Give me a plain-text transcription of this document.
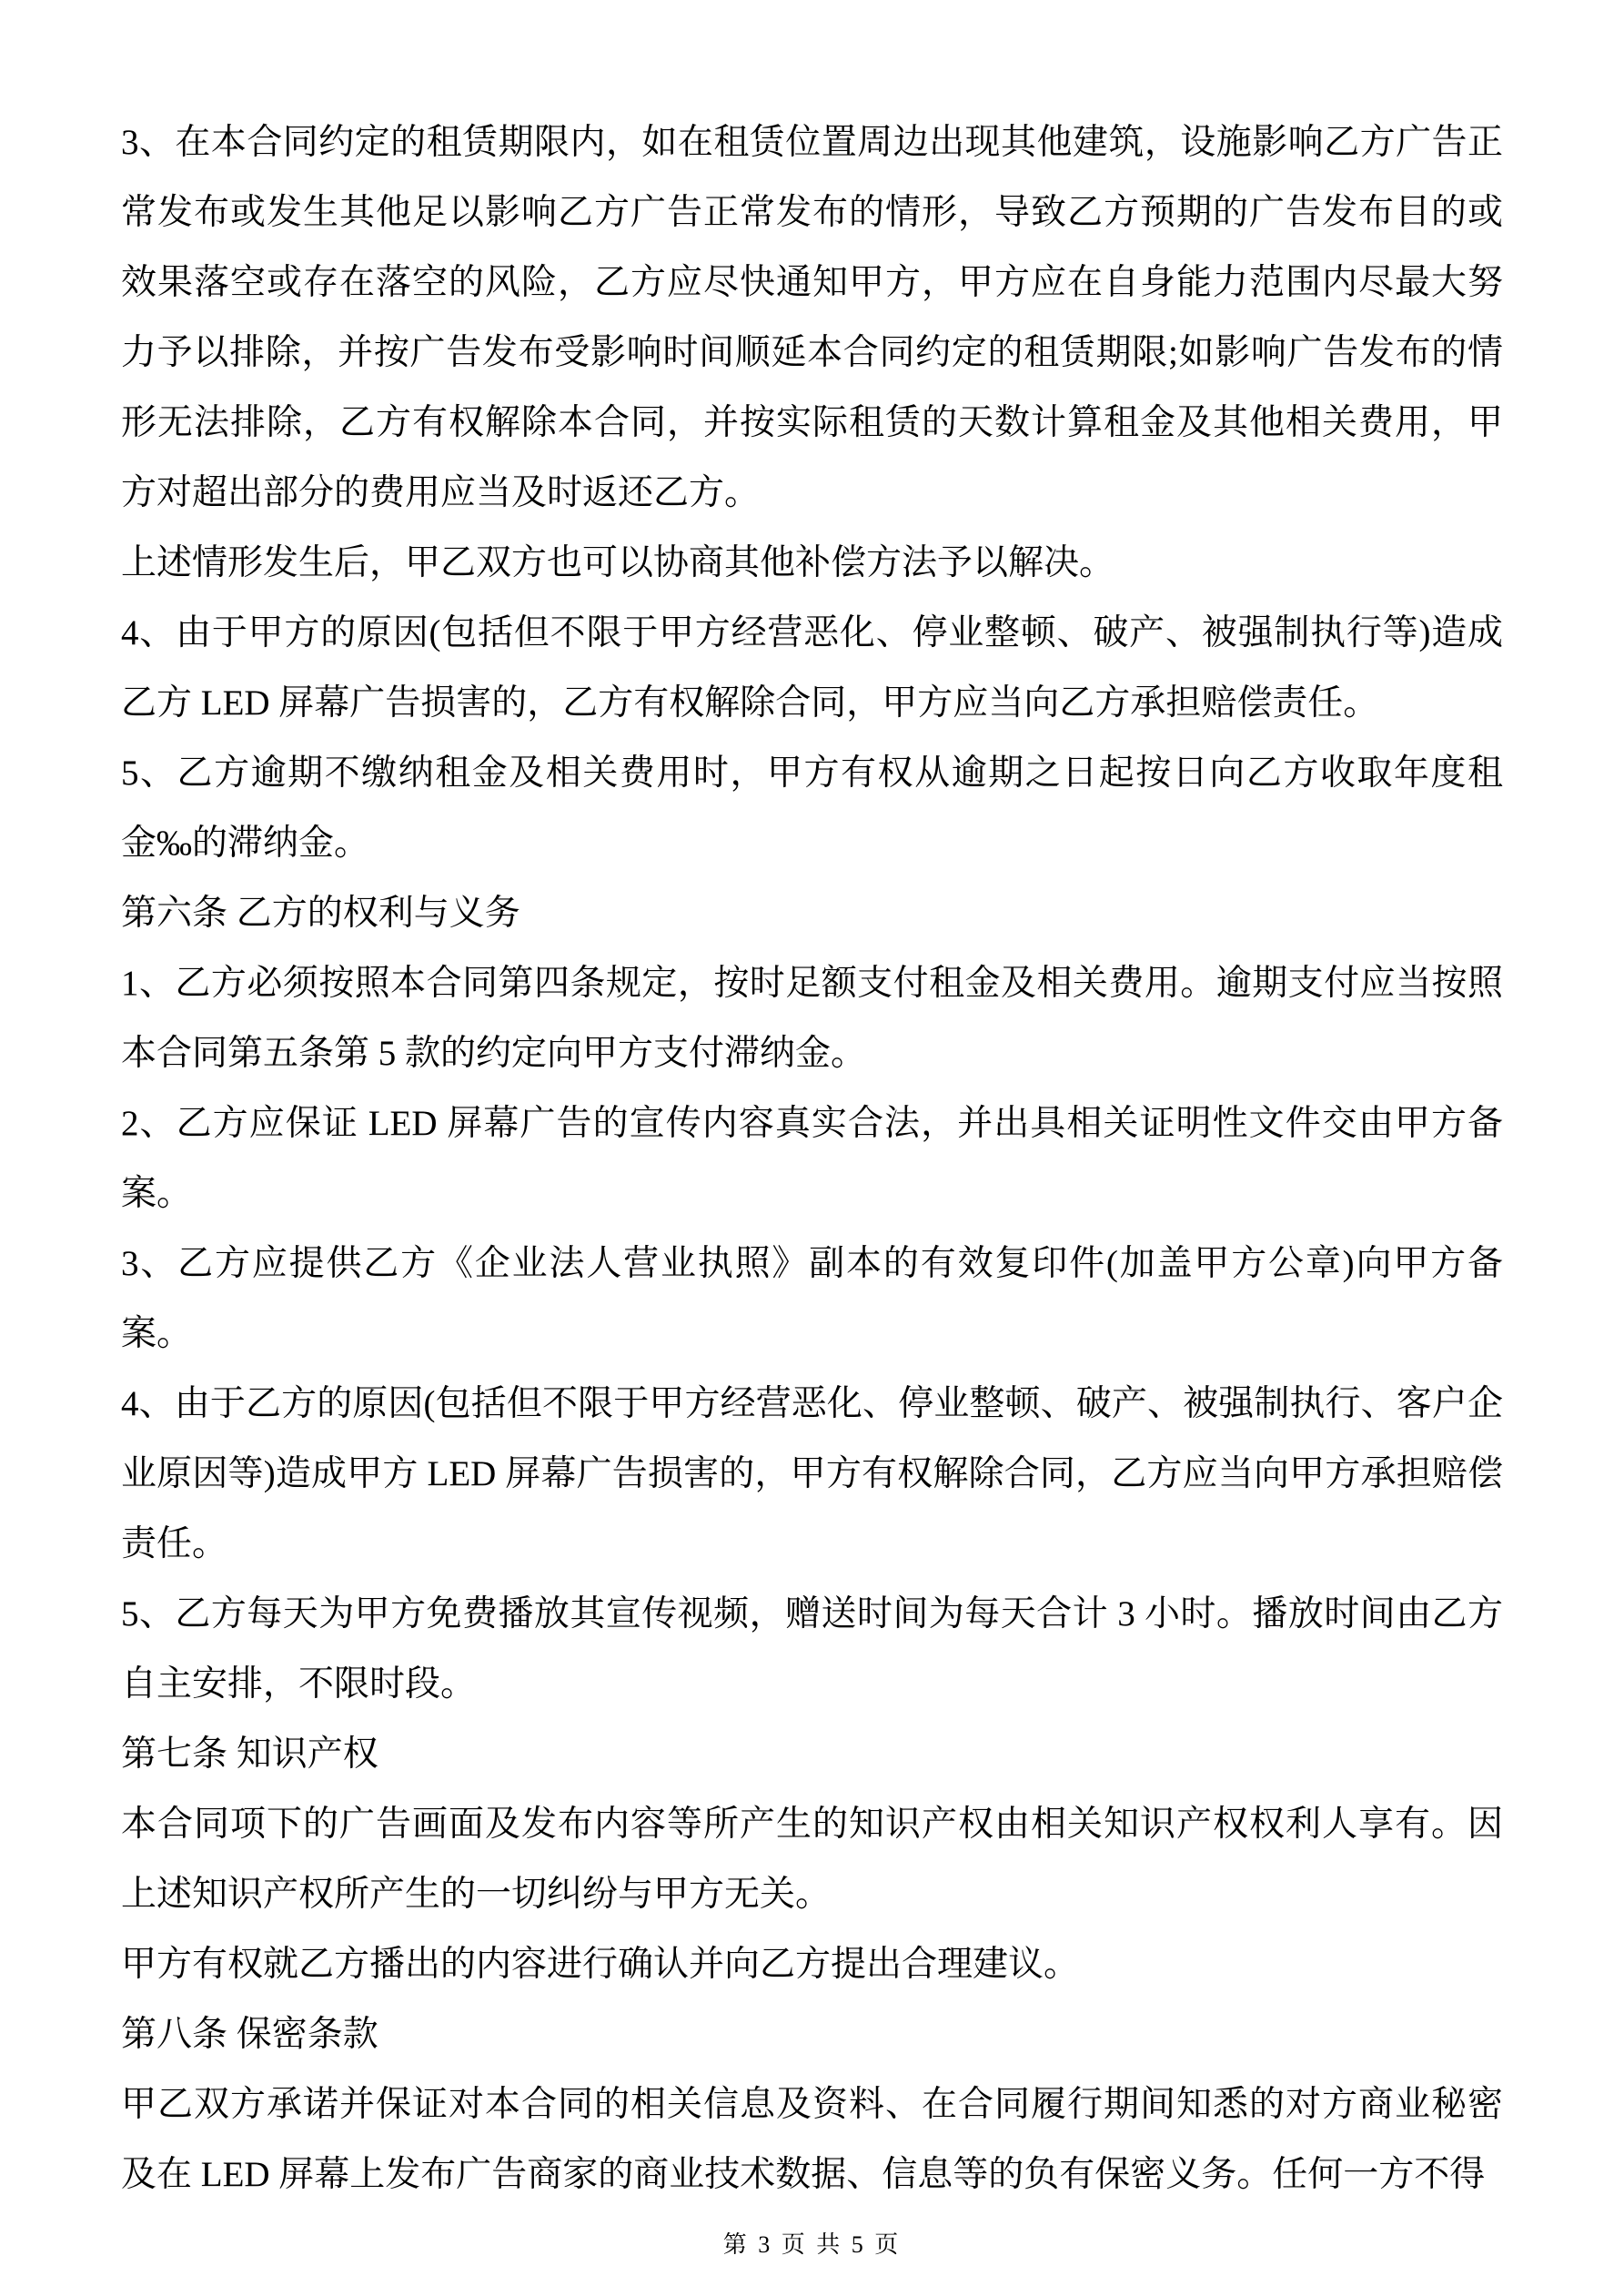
3、在本合同约定的租赁期限内，如在租赁位置周边出现其他建筑，设施影响乙方广告正常发布或发生其他足以影响乙方广告正常发布的情形，导致乙方预期的广告发布目的或效果落空或存在落空的风险，乙方应尽快通知甲方，甲方应在自身能力范围内尽最大努力予以排除，并按广告发布受影响时间顺延本合同约定的租赁期限;如影响广告发布的情形无法排除，乙方有权解除本合同，并按实际租赁的天数计算租金及其他相关费用，甲方对超出部分的费用应当及时返还乙方。

上述情形发生后，甲乙双方也可以协商其他补偿方法予以解决。

4、由于甲方的原因(包括但不限于甲方经营恶化、停业整顿、破产、被强制执行等)造成乙方 LED 屏幕广告损害的，乙方有权解除合同，甲方应当向乙方承担赔偿责任。

5、乙方逾期不缴纳租金及相关费用时，甲方有权从逾期之日起按日向乙方收取年度租金‰的滞纳金。

第六条 乙方的权利与义务

1、乙方必须按照本合同第四条规定，按时足额支付租金及相关费用。逾期支付应当按照本合同第五条第 5 款的约定向甲方支付滞纳金。

2、乙方应保证 LED 屏幕广告的宣传内容真实合法，并出具相关证明性文件交由甲方备案。

3、乙方应提供乙方《企业法人营业执照》副本的有效复印件(加盖甲方公章)向甲方备案。

4、由于乙方的原因(包括但不限于甲方经营恶化、停业整顿、破产、被强制执行、客户企业原因等)造成甲方 LED 屏幕广告损害的，甲方有权解除合同，乙方应当向甲方承担赔偿责任。

5、乙方每天为甲方免费播放其宣传视频，赠送时间为每天合计 3 小时。播放时间由乙方自主安排，不限时段。

第七条 知识产权

本合同项下的广告画面及发布内容等所产生的知识产权由相关知识产权权利人享有。因上述知识产权所产生的一切纠纷与甲方无关。

甲方有权就乙方播出的内容进行确认并向乙方提出合理建议。

第八条 保密条款

甲乙双方承诺并保证对本合同的相关信息及资料、在合同履行期间知悉的对方商业秘密及在 LED 屏幕上发布广告商家的商业技术数据、信息等的负有保密义务。任何一方不得

第 3 页 共 5 页
